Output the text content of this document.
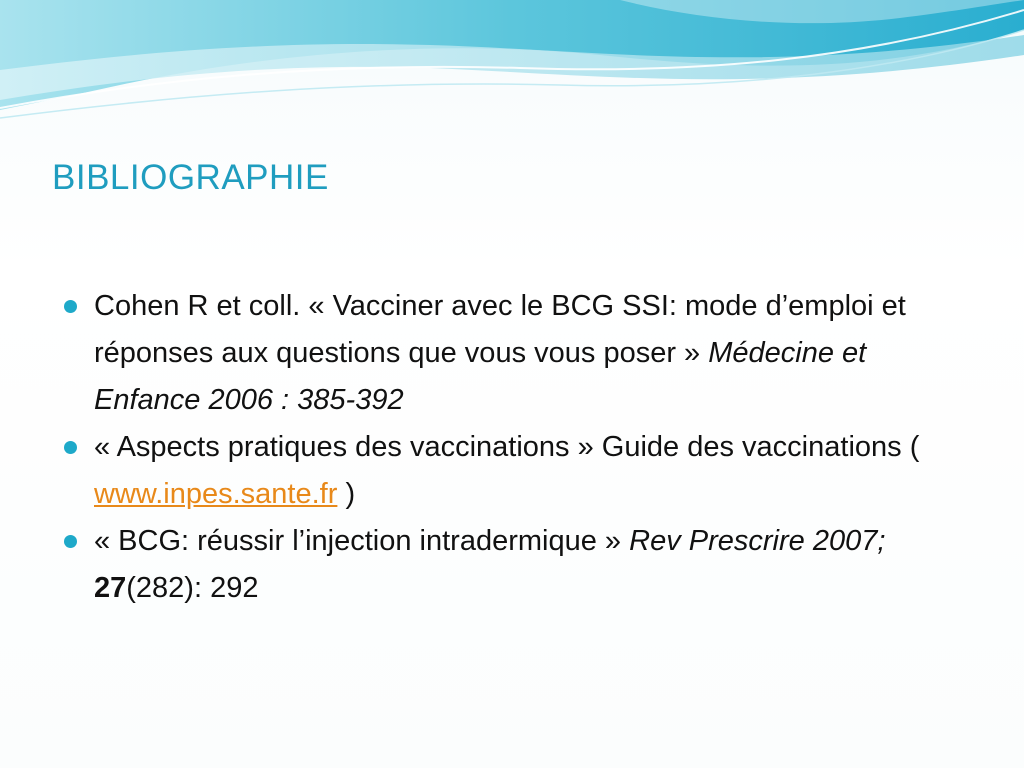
BIBLIOGRAPHIE
Cohen R et coll. « Vacciner avec le BCG SSI: mode d’emploi et réponses aux questions que vous vous poser » Médecine et Enfance 2006 : 385-392
« Aspects pratiques des vaccinations » Guide des vaccinations ( www.inpes.sante.fr )
« BCG: réussir l’injection intradermique » Rev Prescrire 2007; 27(282): 292
